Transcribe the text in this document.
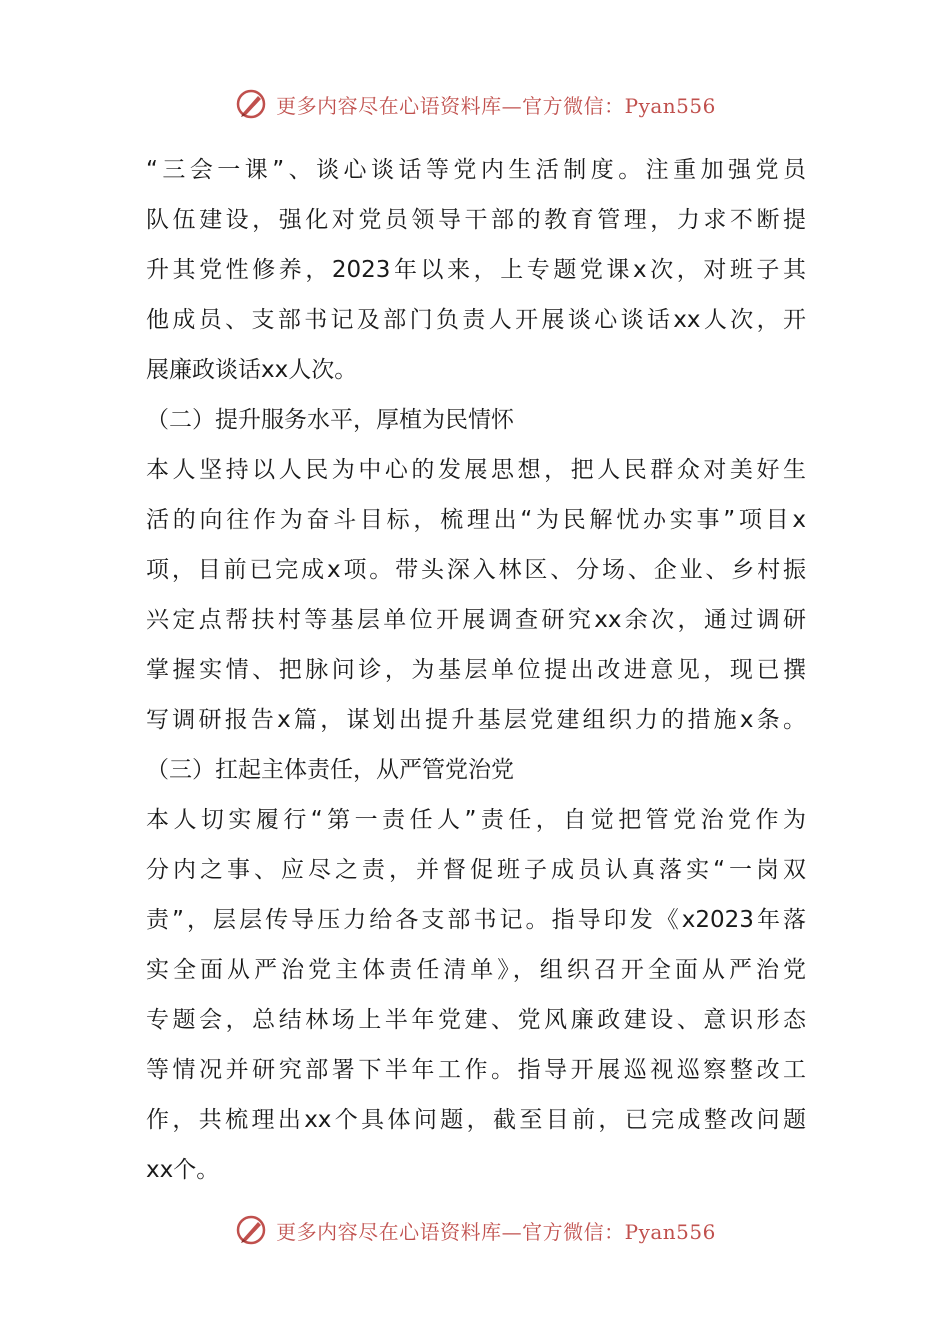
更多内容尽在心语资料库—官方微信：Pyan556
“三会一课”、谈心谈话等党内生活制度。注重加强党员
队伍建设，强化对党员领导干部的教育管理，力求不断提
升其党性修养，2023年以来，上专题党课x次，对班子其
他成员、支部书记及部门负责人开展谈心谈话xx人次，开
展廉政谈话xx人次。
（二）提升服务水平，厚植为民情怀
本人坚持以人民为中心的发展思想，把人民群众对美好生
活的向往作为奋斗目标，梳理出“为民解忧办实事”项目x
项，目前已完成x项。带头深入林区、分场、企业、乡村振
兴定点帮扶村等基层单位开展调查研究xx余次，通过调研
掌握实情、把脉问诊，为基层单位提出改进意见，现已撰
写调研报告x篇，谋划出提升基层党建组织力的措施x条。
（三）扛起主体责任，从严管党治党
本人切实履行“第一责任人”责任，自觉把管党治党作为
分内之事、应尽之责，并督促班子成员认真落实“一岗双
责”，层层传导压力给各支部书记。指导印发《x2023年落
实全面从严治党主体责任清单》，组织召开全面从严治党
专题会，总结林场上半年党建、党风廉政建设、意识形态
等情况并研究部署下半年工作。指导开展巡视巡察整改工
作，共梳理出xx个具体问题，截至目前，已完成整改问题
xx个。
更多内容尽在心语资料库—官方微信：Pyan556
